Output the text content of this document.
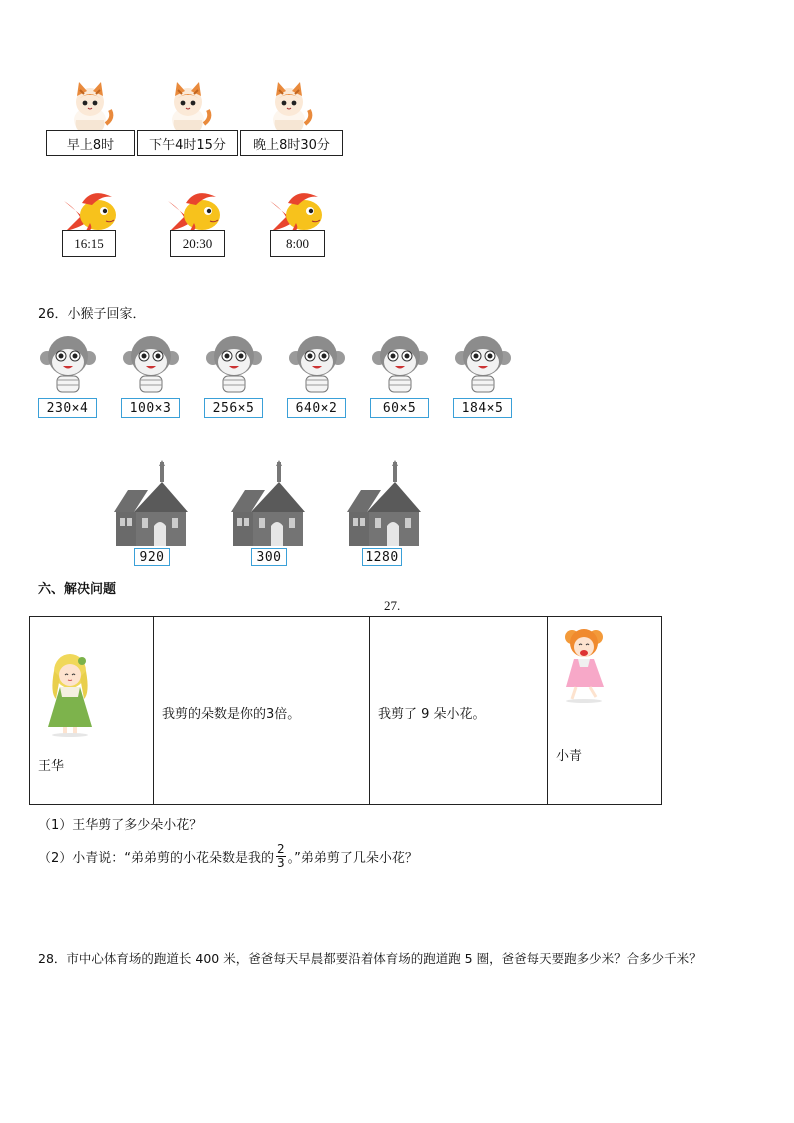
早上8时	下午4时15分	晚上8时30分
16:15	20:30	8:00
26．小猴子回家．
230×4	100×3	256×5	640×2	60×5	184×5
920	300	1280
六、解决问题
27.
王华

我剪的朵数是你的3倍。	我剪了 9 朵小花。

小青
（1）王华剪了多少朵小花？
（2）小青说：“弟弟剪的小花朵数是我的 $\frac{2}{3}$ 。”弟弟剪了几朵小花？
28．市中心体育场的跑道长 400 米，爸爸每天早晨都要沿着体育场的跑道跑 5 圈，爸爸每天要跑多少米？合多少千米？
